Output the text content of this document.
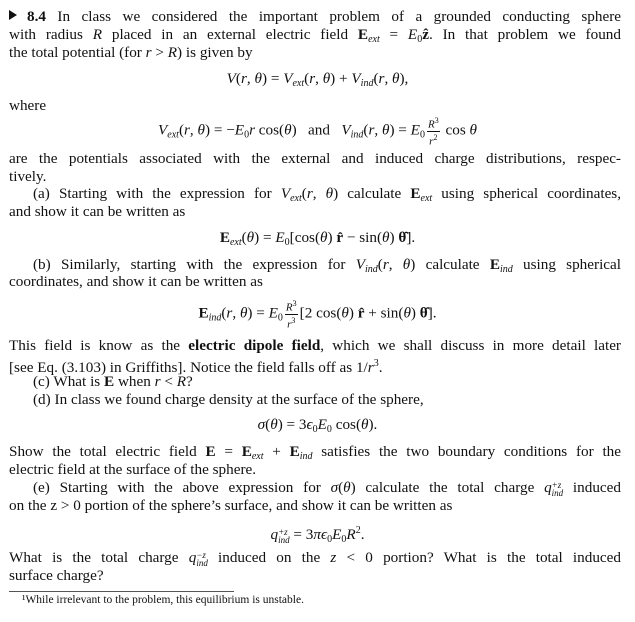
8.4 In class we considered the important problem of a grounded conducting sphere
with radius R placed in an external electric field Eext = $E_0ẑ$. In that problem we found
the total potential (for r > R) is given by
V(r, θ) = Vext(r, θ) + Vind(r, θ),
where
Vext(r, θ) = −E0r cos(θ)   and   Vind(r, $\theta) = E0 \frac{R^3}{r^2}$ cos θ
are the potentials associated with the external and induced charge distributions, respec-
tively.
(a) Starting with the expression for Vext(r, θ) calculate Eext using spherical coordinates,
and show it can be written as
Eext(θ) = E0[cos(θ) r̂ − sin(θ) θ̂].
(b) Similarly, starting with the expression for Vind(r, θ) calculate Eind using spherical
coordinates, and show it can be written as
Eind(r, $\theta) = E0 \frac{R^3}{r^3} [2$ cos(θ) r̂ + sin(θ) θ̂].
This field is know as the electric dipole field, which we shall discuss in more detail later
[see Eq. (3.103) in Griffiths]. Notice the field falls off as $1/r^3$.
(c) What is E when r < R?
(d) In class we found charge density at the surface of the sphere,
σ(θ) = 3ϵ0E0 cos(θ).
Show the total electric field E = Eext + Eind satisfies the two boundary conditions for the
electric field at the surface of the sphere.
(e) Starting with the above expression for σ(θ) calculate the total charge q+z
ind induced
on the z > 0 portion of the sphere’s surface, and show it can be written as
q+z
ind = $3\pi\epsilon 0E0R^2$.
What is the total charge q−z
ind induced on the z < 0 portion? What is the total induced
surface charge?
¹While irrelevant to the problem, this equilibrium is unstable.
